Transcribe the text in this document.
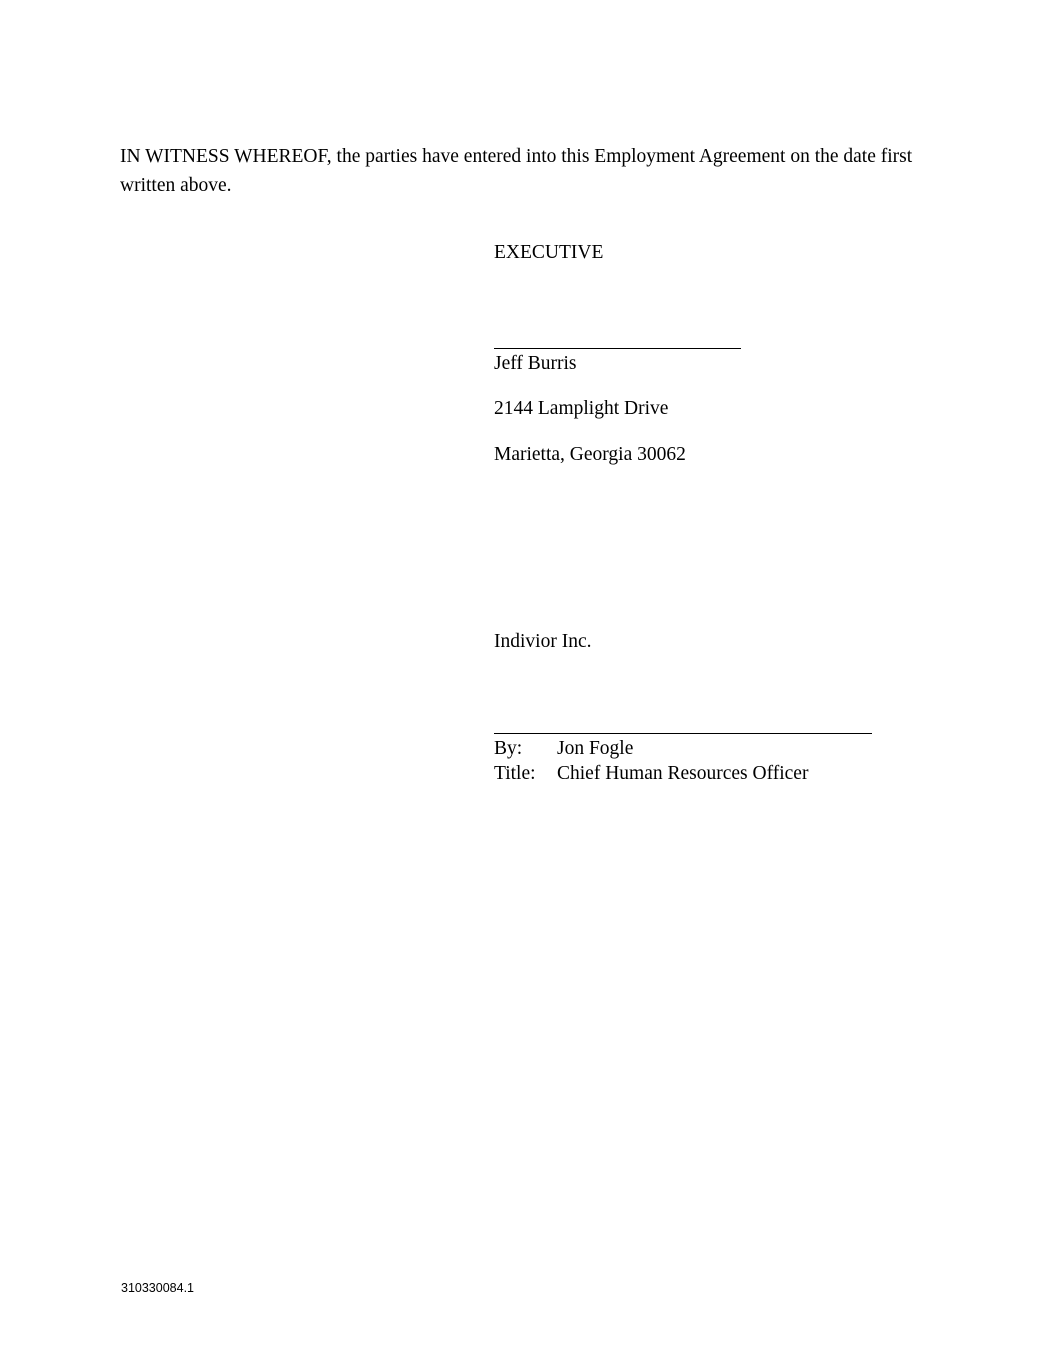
IN WITNESS WHEREOF, the parties have entered into this Employment Agreement on the date first written above.

EXECUTIVE
Jeff Burris
2144 Lamplight Drive
Marietta, Georgia 30062
Indivior Inc.
By:	Jon Fogle
Title:	Chief Human Resources Officer
310330084.1
